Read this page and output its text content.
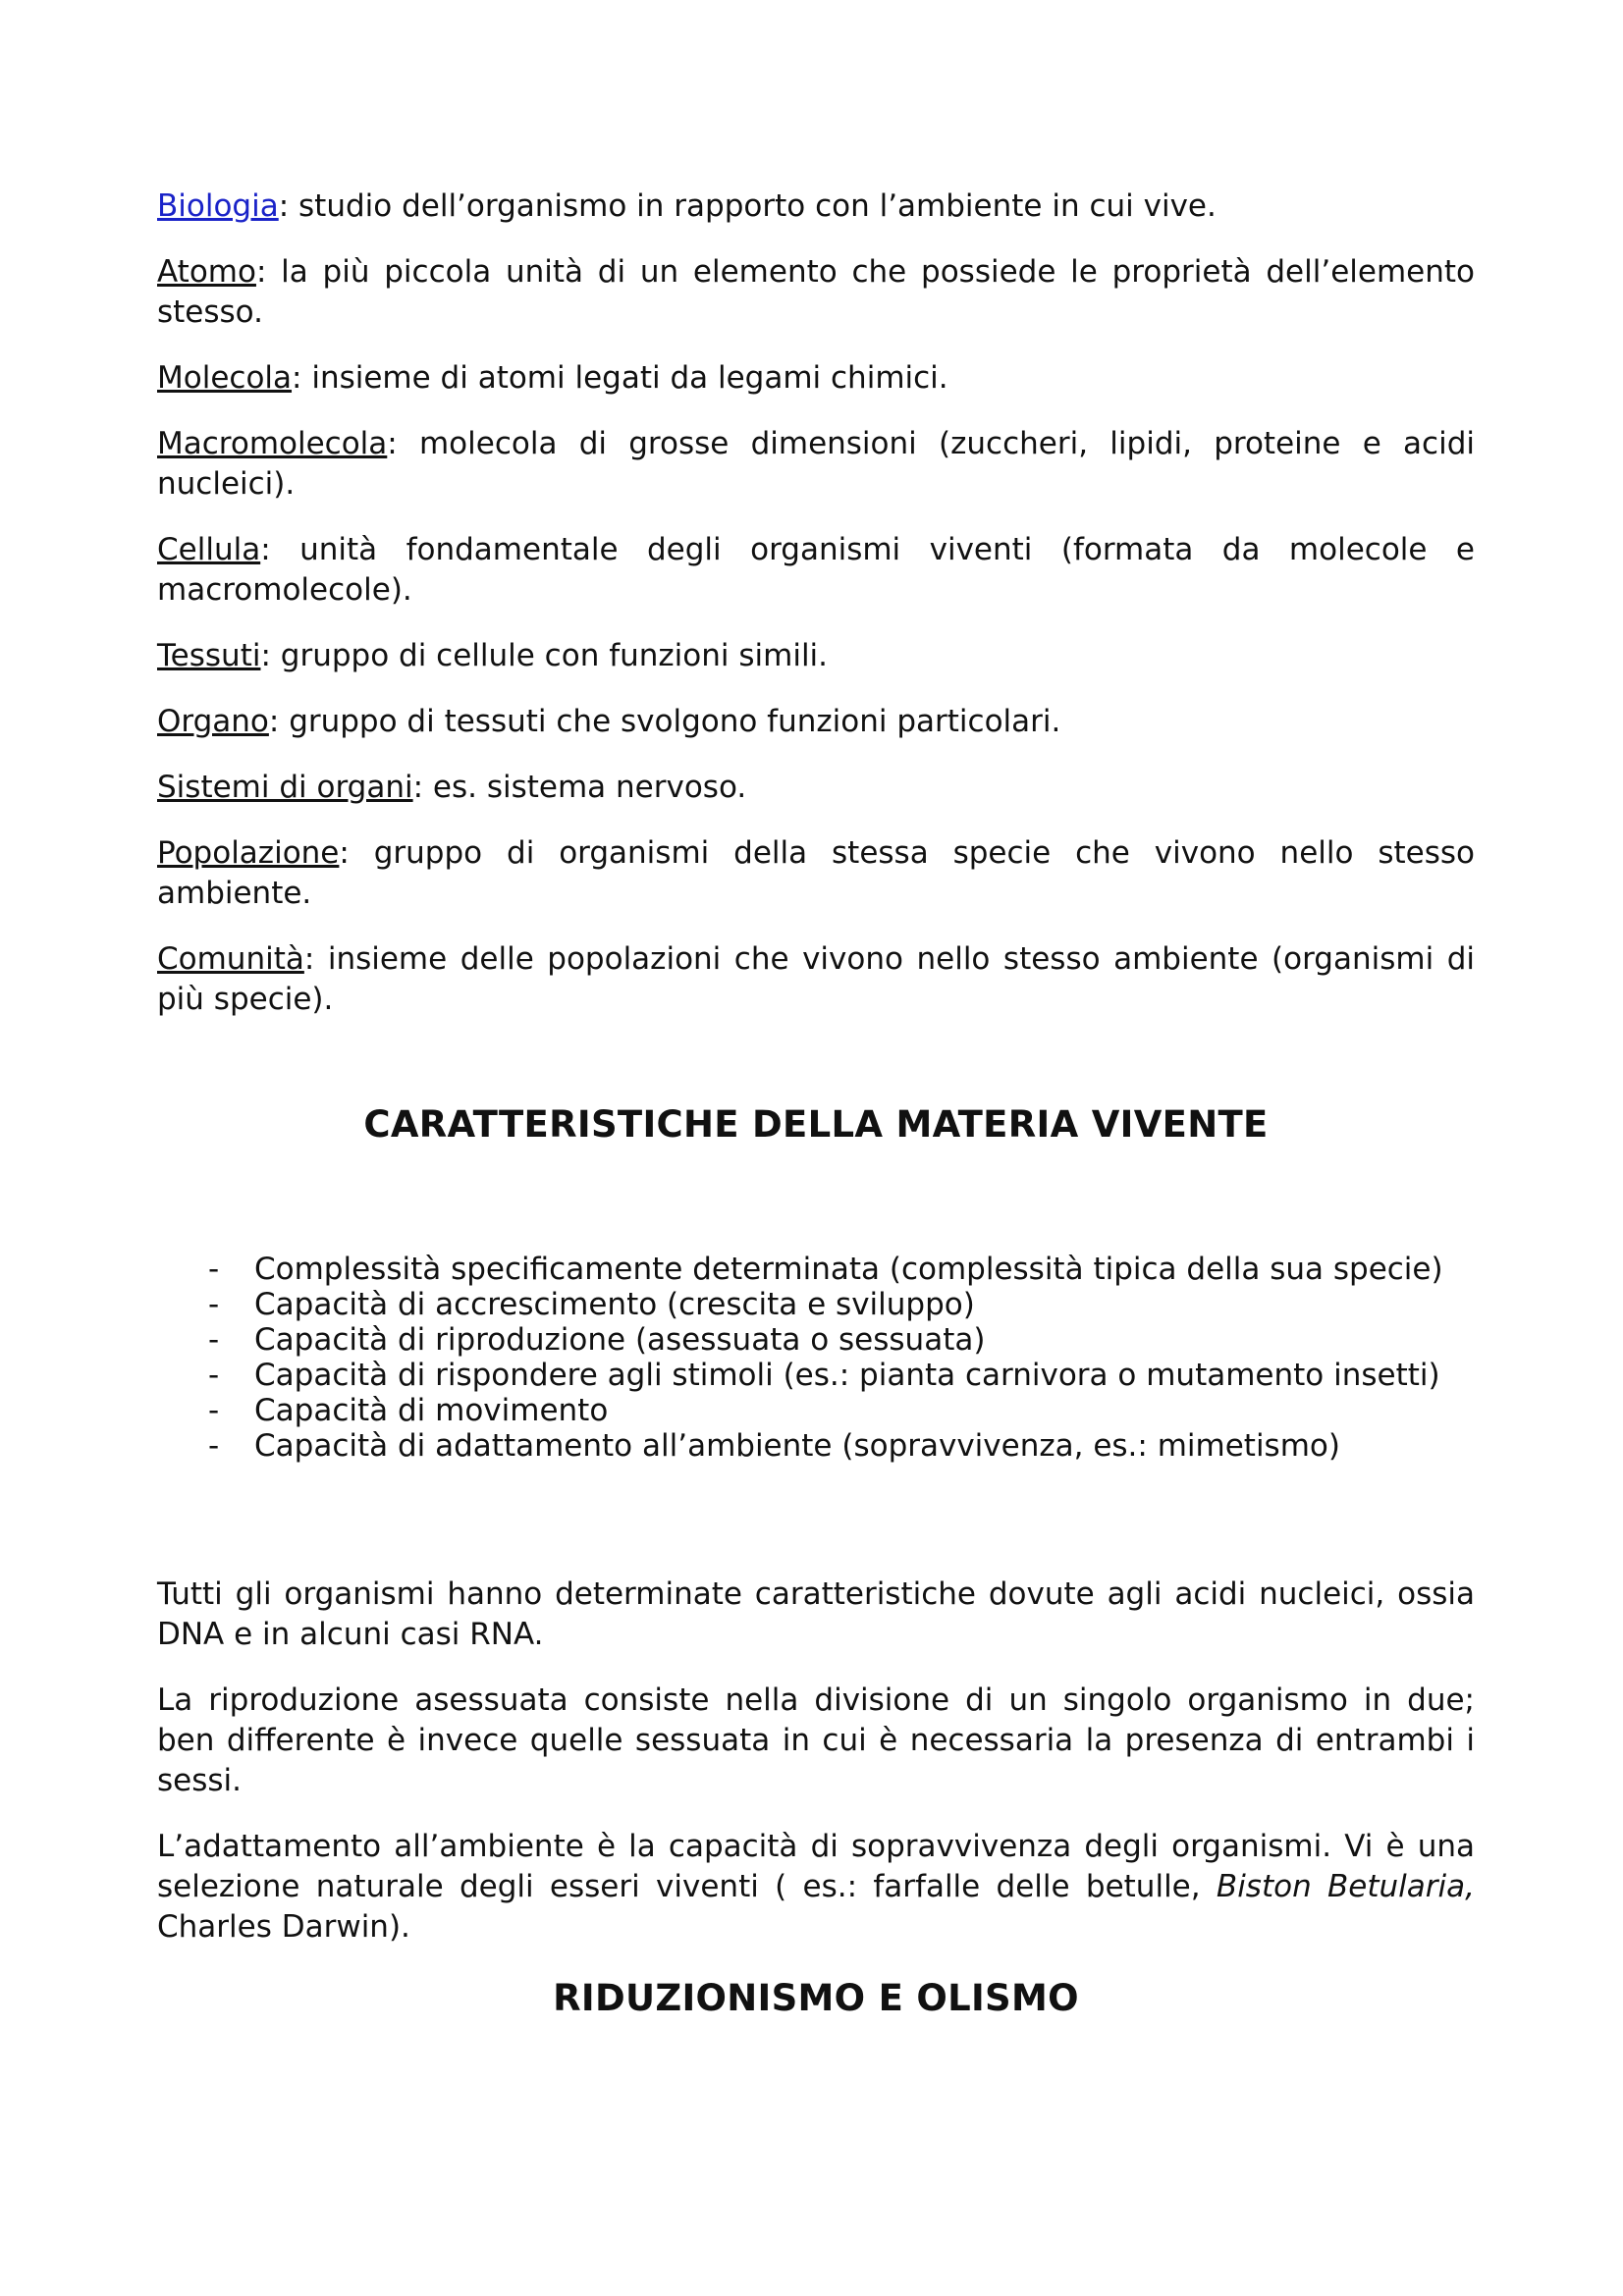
Biologia: studio dell’organismo in rapporto con l’ambiente in cui vive.

Atomo: la più piccola unità di un elemento che possiede le proprietà dell’elemento stesso.

Molecola: insieme di atomi legati da legami chimici.

Macromolecola: molecola di grosse dimensioni (zuccheri, lipidi, proteine e acidi nucleici).

Cellula: unità fondamentale degli organismi viventi (formata da molecole e macromolecole).

Tessuti: gruppo di cellule con funzioni simili.

Organo: gruppo di tessuti che svolgono funzioni particolari.

Sistemi di organi: es. sistema nervoso.

Popolazione: gruppo di organismi della stessa specie che vivono nello stesso ambiente.

Comunità: insieme delle popolazioni che vivono nello stesso ambiente (organismi di più specie).

CARATTERISTICHE DELLA MATERIA VIVENTE
- Complessità specificamente determinata (complessità tipica della sua specie)
- Capacità di accrescimento (crescita e sviluppo)
- Capacità di riproduzione (asessuata o sessuata)
- Capacità di rispondere agli stimoli (es.: pianta carnivora o mutamento insetti)
- Capacità di movimento
- Capacità di adattamento all’ambiente (sopravvivenza, es.: mimetismo)

Tutti gli organismi hanno determinate caratteristiche dovute agli acidi nucleici, ossia DNA e in alcuni casi RNA.

La riproduzione asessuata consiste nella divisione di un singolo organismo in due; ben differente è invece quelle sessuata in cui è necessaria la presenza di entrambi i sessi.

L’adattamento all’ambiente è la capacità di sopravvivenza degli organismi. Vi è una selezione naturale degli esseri viventi ( es.: farfalle delle betulle, Biston Betularia, Charles Darwin).

RIDUZIONISMO E OLISMO
